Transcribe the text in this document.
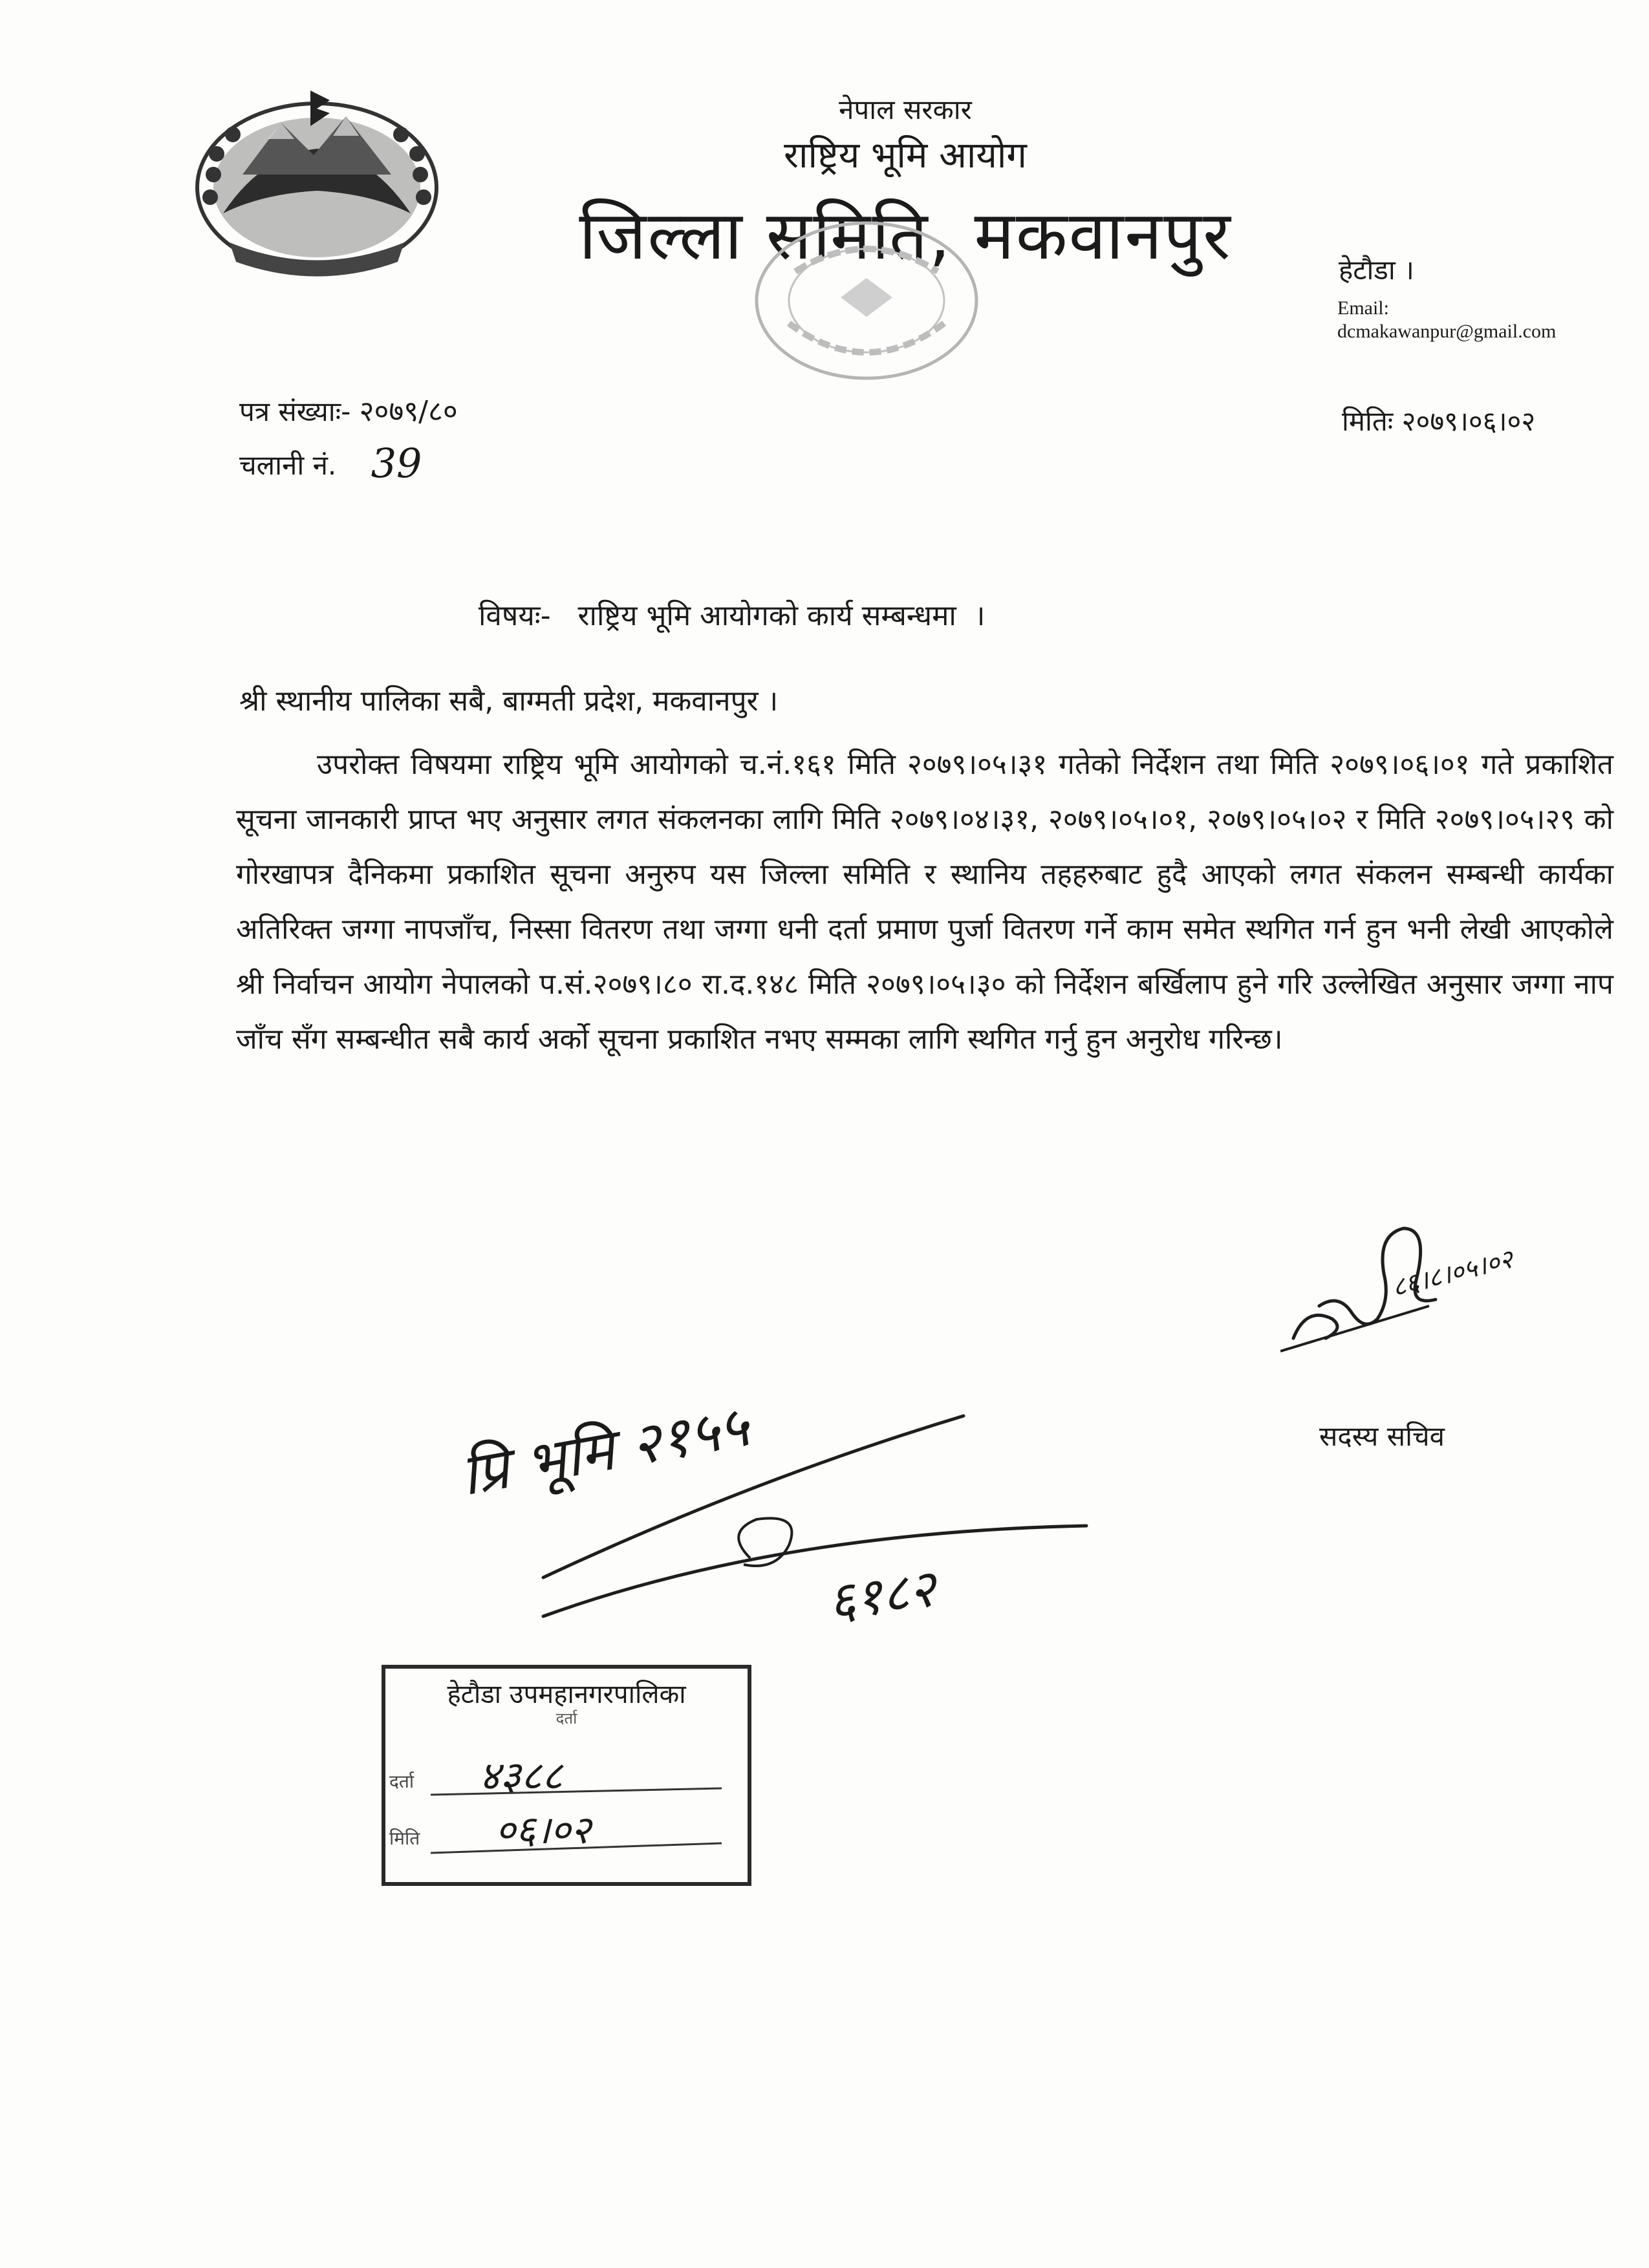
नेपाल सरकार
राष्ट्रिय भूमि आयोग
जिल्ला समिति, मकवानपुर	हेटौडा ।
Email:
dcmakawanpur@gmail.com
पत्र संख्याः- २०७९/८०
चलानी नं. 39
मितिः २०७९।०६।०२
विषयः- राष्ट्रिय भूमि आयोगको कार्य सम्बन्धमा  ।
श्री स्थानीय पालिका सबै, बाग्मती प्रदेश, मकवानपुर ।
उपरोक्त विषयमा राष्ट्रिय भूमि आयोगको च.नं.१६१ मिति २०७९।०५।३१ गतेको निर्देशन तथा मिति २०७९।०६।०१ गते प्रकाशित सूचना जानकारी प्राप्त भए अनुसार लगत संकलनका लागि मिति २०७९।०४।३१, २०७९।०५।०१, २०७९।०५।०२ र मिति २०७९।०५।२९ को गोरखापत्र दैनिकमा प्रकाशित सूचना अनुरुप यस जिल्ला समिति र स्थानिय तहहरुबाट हुदै आएको लगत संकलन सम्बन्धी कार्यका अतिरिक्त जग्गा नापजाँच, निस्सा वितरण तथा जग्गा धनी दर्ता प्रमाण पुर्जा वितरण गर्ने काम समेत स्थगित गर्न हुन भनी लेखी आएकोले श्री निर्वाचन आयोग नेपालको प.सं.२०७९।८० रा.द.१४८ मिति २०७९।०५।३० को निर्देशन बर्खिलाप हुने गरि उल्लेखित अनुसार जग्गा नाप जाँच सँग सम्बन्धीत सबै कार्य अर्को सूचना प्रकाशित नभए सम्मका लागि स्थगित गर्नु हुन अनुरोध गरिन्छ।
८६।८।०५।०२
सदस्य सचिव
प्रि भूमि २१५५
६१८२
हेटौडा उपमहानगरपालिका
दर्ता
दर्ता ४३८८
मिति ०६।०२
